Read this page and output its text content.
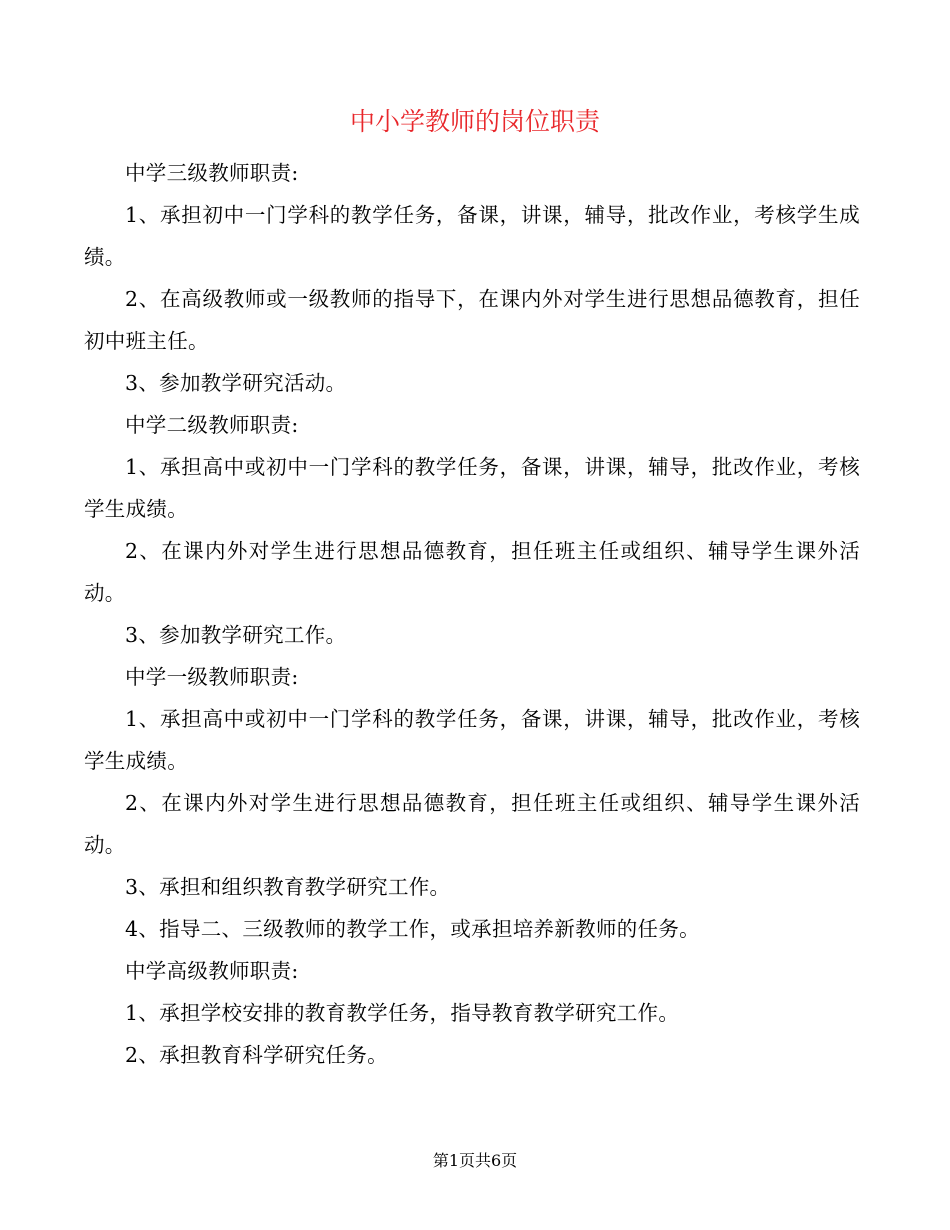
中小学教师的岗位职责

中学三级教师职责:

1、承担初中一门学科的教学任务，备课，讲课，辅导，批改作业，考核学生成绩。

2、在高级教师或一级教师的指导下，在课内外对学生进行思想品德教育，担任初中班主任。

3、参加教学研究活动。

中学二级教师职责:

1、承担高中或初中一门学科的教学任务，备课，讲课，辅导，批改作业，考核学生成绩。

2、在课内外对学生进行思想品德教育，担任班主任或组织、辅导学生课外活动。

3、参加教学研究工作。

中学一级教师职责:

1、承担高中或初中一门学科的教学任务，备课，讲课，辅导，批改作业，考核学生成绩。

2、在课内外对学生进行思想品德教育，担任班主任或组织、辅导学生课外活动。

3、承担和组织教育教学研究工作。

4、指导二、三级教师的教学工作，或承担培养新教师的任务。

中学高级教师职责:

1、承担学校安排的教育教学任务，指导教育教学研究工作。

2、承担教育科学研究任务。

第1页共6页
